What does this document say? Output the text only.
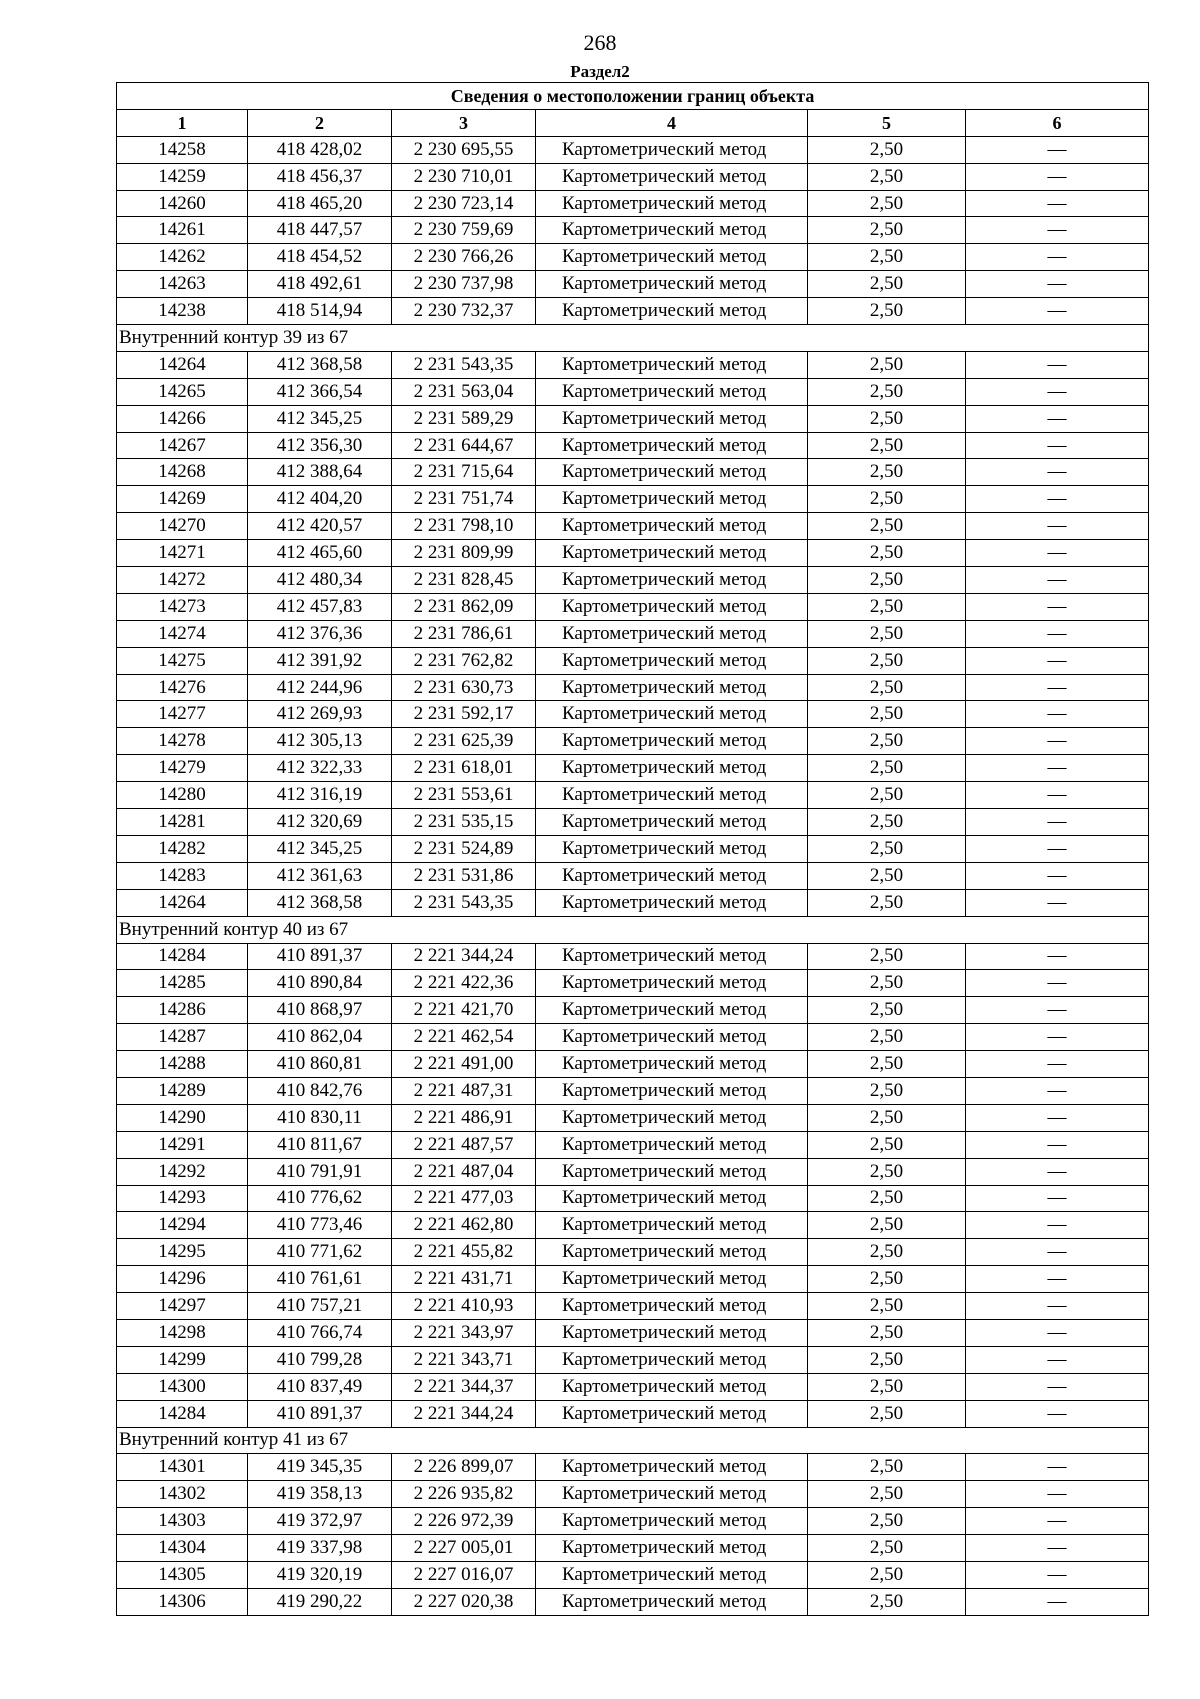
268
Раздел2
Сведения о местоположении границ объекта					
1	2	3	4	5	6
14258	418 428,02	2 230 695,55	Картометрический метод	2,50	—
14259	418 456,37	2 230 710,01	Картометрический метод	2,50	—
14260	418 465,20	2 230 723,14	Картометрический метод	2,50	—
14261	418 447,57	2 230 759,69	Картометрический метод	2,50	—
14262	418 454,52	2 230 766,26	Картометрический метод	2,50	—
14263	418 492,61	2 230 737,98	Картометрический метод	2,50	—
14238	418 514,94	2 230 732,37	Картометрический метод	2,50	—
Внутренний контур 39 из 67					
14264	412 368,58	2 231 543,35	Картометрический метод	2,50	—
14265	412 366,54	2 231 563,04	Картометрический метод	2,50	—
14266	412 345,25	2 231 589,29	Картометрический метод	2,50	—
14267	412 356,30	2 231 644,67	Картометрический метод	2,50	—
14268	412 388,64	2 231 715,64	Картометрический метод	2,50	—
14269	412 404,20	2 231 751,74	Картометрический метод	2,50	—
14270	412 420,57	2 231 798,10	Картометрический метод	2,50	—
14271	412 465,60	2 231 809,99	Картометрический метод	2,50	—
14272	412 480,34	2 231 828,45	Картометрический метод	2,50	—
14273	412 457,83	2 231 862,09	Картометрический метод	2,50	—
14274	412 376,36	2 231 786,61	Картометрический метод	2,50	—
14275	412 391,92	2 231 762,82	Картометрический метод	2,50	—
14276	412 244,96	2 231 630,73	Картометрический метод	2,50	—
14277	412 269,93	2 231 592,17	Картометрический метод	2,50	—
14278	412 305,13	2 231 625,39	Картометрический метод	2,50	—
14279	412 322,33	2 231 618,01	Картометрический метод	2,50	—
14280	412 316,19	2 231 553,61	Картометрический метод	2,50	—
14281	412 320,69	2 231 535,15	Картометрический метод	2,50	—
14282	412 345,25	2 231 524,89	Картометрический метод	2,50	—
14283	412 361,63	2 231 531,86	Картометрический метод	2,50	—
14264	412 368,58	2 231 543,35	Картометрический метод	2,50	—
Внутренний контур 40 из 67					
14284	410 891,37	2 221 344,24	Картометрический метод	2,50	—
14285	410 890,84	2 221 422,36	Картометрический метод	2,50	—
14286	410 868,97	2 221 421,70	Картометрический метод	2,50	—
14287	410 862,04	2 221 462,54	Картометрический метод	2,50	—
14288	410 860,81	2 221 491,00	Картометрический метод	2,50	—
14289	410 842,76	2 221 487,31	Картометрический метод	2,50	—
14290	410 830,11	2 221 486,91	Картометрический метод	2,50	—
14291	410 811,67	2 221 487,57	Картометрический метод	2,50	—
14292	410 791,91	2 221 487,04	Картометрический метод	2,50	—
14293	410 776,62	2 221 477,03	Картометрический метод	2,50	—
14294	410 773,46	2 221 462,80	Картометрический метод	2,50	—
14295	410 771,62	2 221 455,82	Картометрический метод	2,50	—
14296	410 761,61	2 221 431,71	Картометрический метод	2,50	—
14297	410 757,21	2 221 410,93	Картометрический метод	2,50	—
14298	410 766,74	2 221 343,97	Картометрический метод	2,50	—
14299	410 799,28	2 221 343,71	Картометрический метод	2,50	—
14300	410 837,49	2 221 344,37	Картометрический метод	2,50	—
14284	410 891,37	2 221 344,24	Картометрический метод	2,50	—
Внутренний контур 41 из 67					
14301	419 345,35	2 226 899,07	Картометрический метод	2,50	—
14302	419 358,13	2 226 935,82	Картометрический метод	2,50	—
14303	419 372,97	2 226 972,39	Картометрический метод	2,50	—
14304	419 337,98	2 227 005,01	Картометрический метод	2,50	—
14305	419 320,19	2 227 016,07	Картометрический метод	2,50	—
14306	419 290,22	2 227 020,38	Картометрический метод	2,50	—
